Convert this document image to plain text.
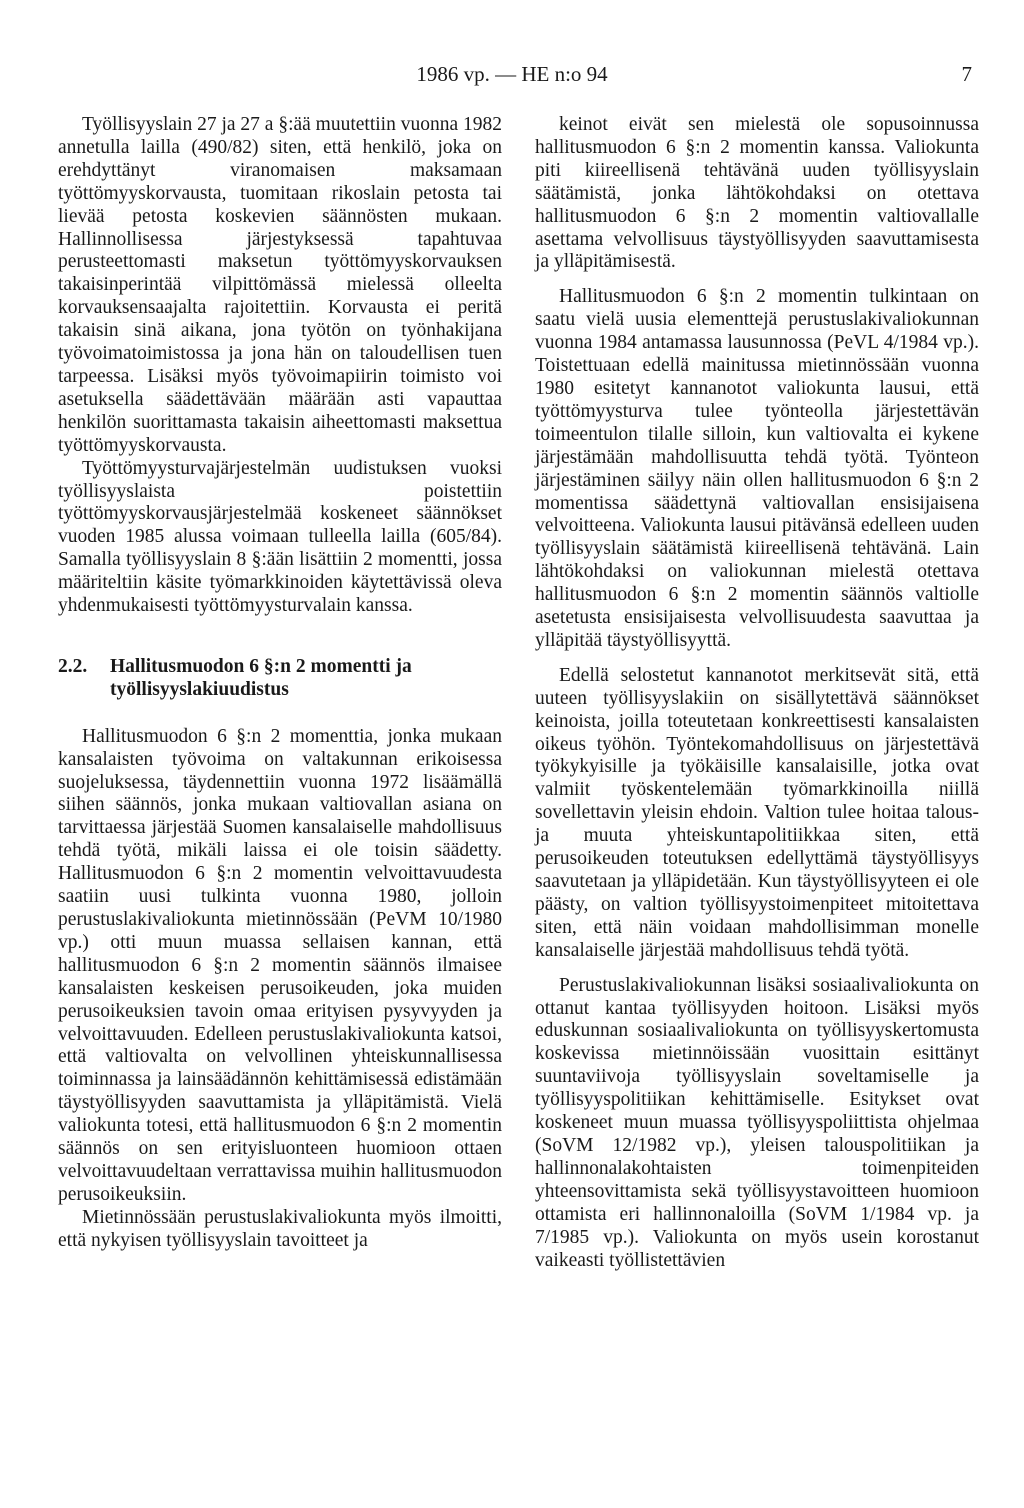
1986 vp. — HE n:o 94	7

Työllisyyslain 27 ja 27 a §:ää muutettiin vuonna 1982 annetulla lailla (490/82) siten, että henkilö, joka on erehdyttänyt viranomaisen maksamaan työttömyyskorvausta, tuomitaan rikoslain petosta tai lievää petosta koskevien säännösten mukaan. Hallinnollisessa järjestyksessä tapahtuvaa perusteettomasti maksetun työttömyyskorvauksen takaisinperintää vilpittömässä mielessä olleelta korvauksensaajalta rajoitettiin. Korvausta ei peritä takaisin sinä aikana, jona työtön on työnhakijana työvoimatoimistossa ja jona hän on taloudellisen tuen tarpeessa. Lisäksi myös työvoimapiirin toimisto voi asetuksella säädettävään määrään asti vapauttaa henkilön suorittamasta takaisin aiheettomasti maksettua työttömyyskorvausta.

Työttömyysturvajärjestelmän uudistuksen vuoksi työllisyyslaista poistettiin työttömyyskorvausjärjestelmää koskeneet säännökset vuoden 1985 alussa voimaan tulleella lailla (605/84). Samalla työllisyyslain 8 §:ään lisättiin 2 momentti, jossa määriteltiin käsite työmarkkinoiden käytettävissä oleva yhdenmukaisesti työttömyysturvalain kanssa.

2.2.	Hallitusmuodon 6 §:n 2 momentti ja työllisyyslakiuudistus

Hallitusmuodon 6 §:n 2 momenttia, jonka mukaan kansalaisten työvoima on valtakunnan erikoisessa suojeluksessa, täydennettiin vuonna 1972 lisäämällä siihen säännös, jonka mukaan valtiovallan asiana on tarvittaessa järjestää Suomen kansalaiselle mahdollisuus tehdä työtä, mikäli laissa ei ole toisin säädetty. Hallitusmuodon 6 §:n 2 momentin velvoittavuudesta saatiin uusi tulkinta vuonna 1980, jolloin perustuslakivaliokunta mietinnössään (PeVM 10/1980 vp.) otti muun muassa sellaisen kannan, että hallitusmuodon 6 §:n 2 momentin säännös ilmaisee kansalaisten keskeisen perusoikeuden, joka muiden perusoikeuksien tavoin omaa erityisen pysyvyyden ja velvoittavuuden. Edelleen perustuslakivaliokunta katsoi, että valtiovalta on velvollinen yhteiskunnallisessa toiminnassa ja lainsäädännön kehittämisessä edistämään täystyöllisyyden saavuttamista ja ylläpitämistä. Vielä valiokunta totesi, että hallitusmuodon 6 §:n 2 momentin säännös on sen erityisluonteen huomioon ottaen velvoittavuudeltaan verrattavissa muihin hallitusmuodon perusoikeuksiin.

Mietinnössään perustuslakivaliokunta myös ilmoitti, että nykyisen työllisyyslain tavoitteet ja

keinot eivät sen mielestä ole sopusoinnussa hallitusmuodon 6 §:n 2 momentin kanssa. Valiokunta piti kiireellisenä tehtävänä uuden työllisyyslain säätämistä, jonka lähtökohdaksi on otettava hallitusmuodon 6 §:n 2 momentin valtiovallalle asettama velvollisuus täystyöllisyyden saavuttamisesta ja ylläpitämisestä.

Hallitusmuodon 6 §:n 2 momentin tulkintaan on saatu vielä uusia elementtejä perustuslakivaliokunnan vuonna 1984 antamassa lausunnossa (PeVL 4/1984 vp.). Toistettuaan edellä mainitussa mietinnössään vuonna 1980 esitetyt kannanotot valiokunta lausui, että työttömyysturva tulee työnteolla järjestettävän toimeentulon tilalle silloin, kun valtiovalta ei kykene järjestämään mahdollisuutta tehdä työtä. Työnteon järjestäminen säilyy näin ollen hallitusmuodon 6 §:n 2 momentissa säädettynä valtiovallan ensisijaisena velvoitteena. Valiokunta lausui pitävänsä edelleen uuden työllisyyslain säätämistä kiireellisenä tehtävänä. Lain lähtökohdaksi on valiokunnan mielestä otettava hallitusmuodon 6 §:n 2 momentin säännös valtiolle asetetusta ensisijaisesta velvollisuudesta saavuttaa ja ylläpitää täystyöllisyyttä.

Edellä selostetut kannanotot merkitsevät sitä, että uuteen työllisyyslakiin on sisällytettävä säännökset keinoista, joilla toteutetaan konkreettisesti kansalaisten oikeus työhön. Työntekomahdollisuus on järjestettävä työkykyisille ja työkäisille kansalaisille, jotka ovat valmiit työskentelemään työmarkkinoilla niillä sovellettavin yleisin ehdoin. Valtion tulee hoitaa talous- ja muuta yhteiskuntapolitiikkaa siten, että perusoikeuden toteutuksen edellyttämä täystyöllisyys saavutetaan ja ylläpidetään. Kun täystyöllisyyteen ei ole päästy, on valtion työllisyystoimenpiteet mitoitettava siten, että näin voidaan mahdollisimman monelle kansalaiselle järjestää mahdollisuus tehdä työtä.

Perustuslakivaliokunnan lisäksi sosiaalivaliokunta on ottanut kantaa työllisyyden hoitoon. Lisäksi myös eduskunnan sosiaalivaliokunta on työllisyyskertomusta koskevissa mietinnöissään vuosittain esittänyt suuntaviivoja työllisyyslain soveltamiselle ja työllisyyspolitiikan kehittämiselle. Esitykset ovat koskeneet muun muassa työllisyyspoliittista ohjelmaa (SoVM 12/1982 vp.), yleisen talouspolitiikan ja hallinnonalakohtaisten toimenpiteiden yhteensovittamista sekä työllisyystavoitteen huomioon ottamista eri hallinnonaloilla (SoVM 1/1984 vp. ja 7/1985 vp.). Valiokunta on myös usein korostanut vaikeasti työllistettävien
